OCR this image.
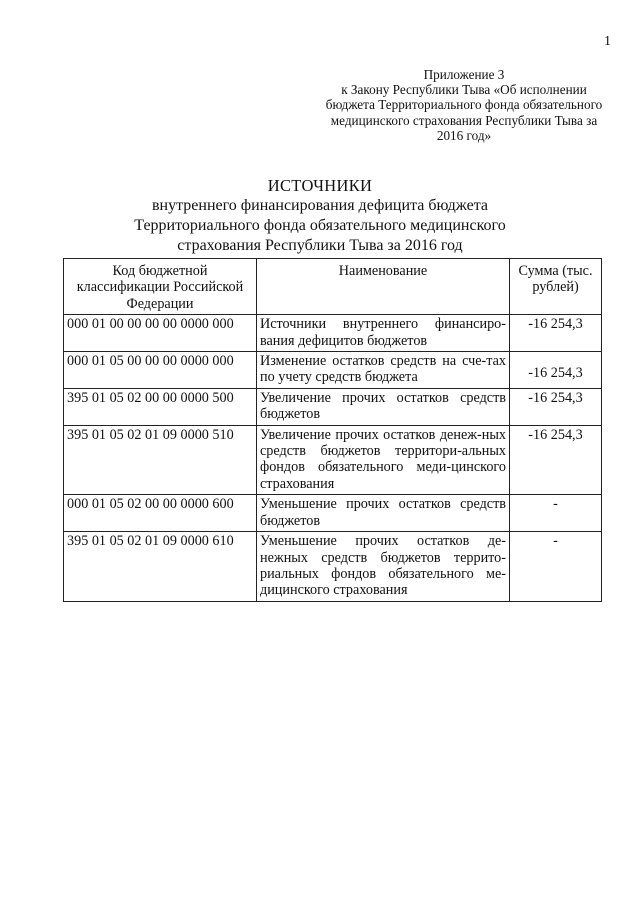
1
Приложение 3
к Закону Республики Тыва «Об исполнении
бюджета Территориального фонда обязательного
медицинского страхования Республики Тыва за
2016 год»
ИСТОЧНИКИ
внутреннего финансирования дефицита бюджета
Территориального фонда обязательного медицинского
страхования Республики Тыва за 2016 год
Код бюджетной классификации Российской Федерации	Наименование	Сумма (тыс. рублей)
000 01 00 00 00 00 0000 000	Источники внутреннего финансиро-вания дефицитов бюджетов	-16 254,3
000 01 05 00 00 00 0000 000	Изменение остатков средств на сче-тах по учету средств бюджета	-16 254,3

395 01 05 02 00 00 0000 500	Увеличение прочих остатков средств бюджетов	-16 254,3
395 01 05 02 01 09 0000 510	Увеличение прочих остатков денеж-ных средств бюджетов территори-альных фондов обязательного меди-цинского страхования	-16 254,3
000 01 05 02 00 00 0000 600	Уменьшение прочих остатков средств бюджетов	-
395 01 05 02 01 09 0000 610	Уменьшение прочих остатков де-нежных средств бюджетов террито-риальных фондов обязательного ме-дицинского страхования	-
